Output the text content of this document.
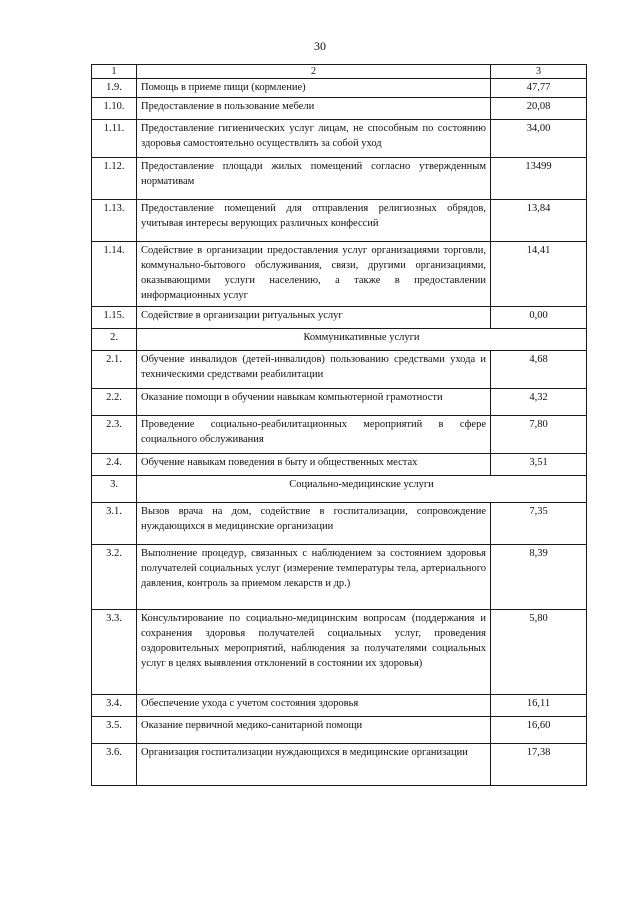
30
1	2	3
1.9.	Помощь в приеме пищи (кормление)	47,77
1.10.	Предоставление в пользование мебели	20,08
1.11.	Предоставление гигиенических услуг лицам, не способным по состоянию здоровья самостоятельно осуществлять за собой уход	34,00
1.12.	Предоставление площади жилых помещений согласно утвержденным нормативам	13499
1.13.	Предоставление помещений для отправления религиозных обрядов, учитывая интересы верующих различных конфессий	13,84
1.14.	Содействие в организации предоставления услуг организациями торговли, коммунально-бытового обслуживания, связи, другими организациями, оказывающими услуги населению, а также в предоставлении информационных услуг	14,41
1.15.	Содействие в организации ритуальных услуг	0,00
2.	Коммуникативные услуги	
2.1.	Обучение инвалидов (детей-инвалидов) пользованию средствами ухода и техническими средствами реабилитации	4,68
2.2.	Оказание помощи в обучении навыкам компьютерной грамотности	4,32
2.3.	Проведение социально-реабилитационных мероприятий в сфере социального обслуживания	7,80
2.4.	Обучение навыкам поведения в быту и общественных местах	3,51
3.	Социально-медицинские услуги	
3.1.	Вызов врача на дом, содействие в госпитализации, сопровождение нуждающихся в медицинские организации	7,35
3.2.	Выполнение процедур, связанных с наблюдением за состоянием здоровья получателей социальных услуг (измерение температуры тела, артериального давления, контроль за приемом лекарств и др.)	8,39
3.3.	Консультирование по социально-медицинским вопросам (поддержания и сохранения здоровья получателей социальных услуг, проведения оздоровительных мероприятий, наблюдения за получателями социальных услуг в целях выявления отклонений в состоянии их здоровья)	5,80
3.4.	Обеспечение ухода с учетом состояния здоровья	16,11
3.5.	Оказание первичной медико-санитарной помощи	16,60
3.6.	Организация госпитализации нуждающихся в медицинские организации	17,38
